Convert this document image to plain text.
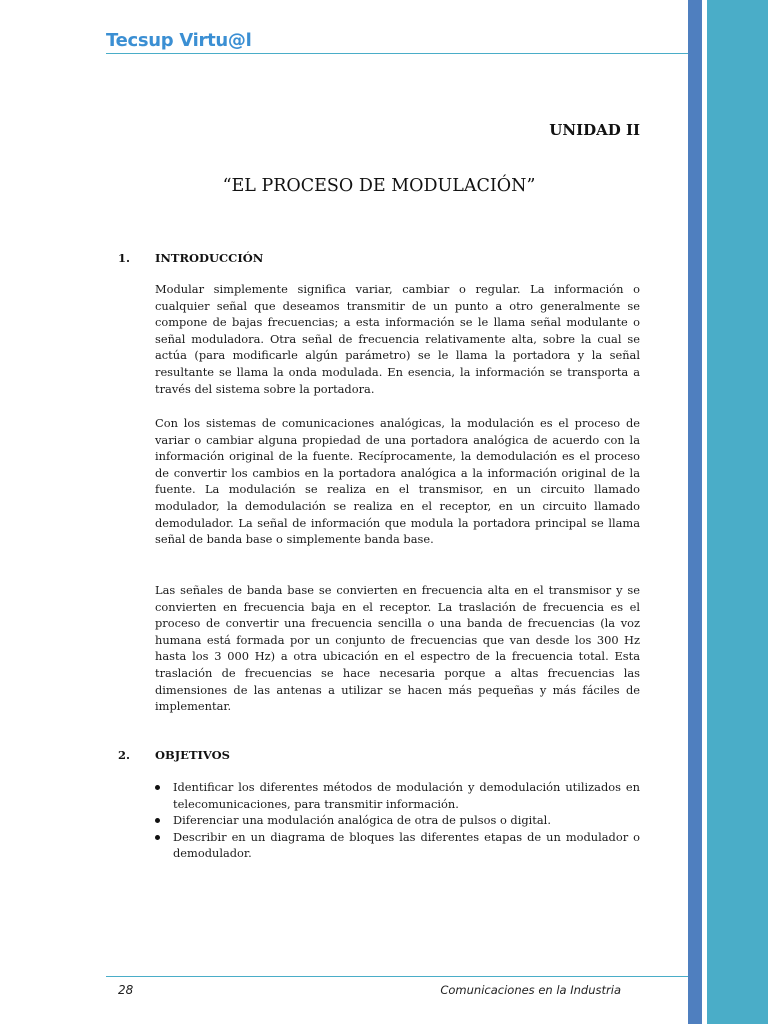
Tecsup Virtu@l
UNIDAD II
“EL PROCESO DE MODULACIÓN”
1. INTRODUCCIÓN

Modular simplemente significa variar, cambiar o regular. La información o cualquier señal que deseamos transmitir de un punto a otro generalmente se compone de bajas frecuencias; a esta información se le llama señal modulante o señal moduladora. Otra señal de frecuencia relativamente alta, sobre la cual se actúa (para modificarle algún parámetro) se le llama la portadora y la señal resultante se llama la onda modulada. En esencia, la información se transporta a través del sistema sobre la portadora.

Con los sistemas de comunicaciones analógicas, la modulación es el proceso de variar o cambiar alguna propiedad de una portadora analógica de acuerdo con la información original de la fuente. Recíprocamente, la demodulación es el proceso de convertir los cambios en la portadora analógica a la información original de la fuente. La modulación se realiza en el transmisor, en un circuito llamado modulador, la demodulación se realiza en el receptor, en un circuito llamado demodulador. La señal de información que modula la portadora principal se llama señal de banda base o simplemente banda base.

Las señales de banda base se convierten en frecuencia alta en el transmisor y se convierten en frecuencia baja en el receptor. La traslación de frecuencia es el proceso de convertir una frecuencia sencilla o una banda de frecuencias (la voz humana está formada por un conjunto de frecuencias que van desde los 300 Hz hasta los 3 000 Hz) a otra ubicación en el espectro de la frecuencia total. Esta traslación de frecuencias se hace necesaria porque a altas frecuencias las dimensiones de las antenas a utilizar se hacen más pequeñas y más fáciles de implementar.

2. OBJETIVOS
Identificar los diferentes métodos de modulación y demodulación utilizados en telecomunicaciones, para transmitir información.
Diferenciar una modulación analógica de otra de pulsos o digital.
Describir en un diagrama de bloques las diferentes etapas de un modulador o demodulador.
28	Comunicaciones en la Industria
